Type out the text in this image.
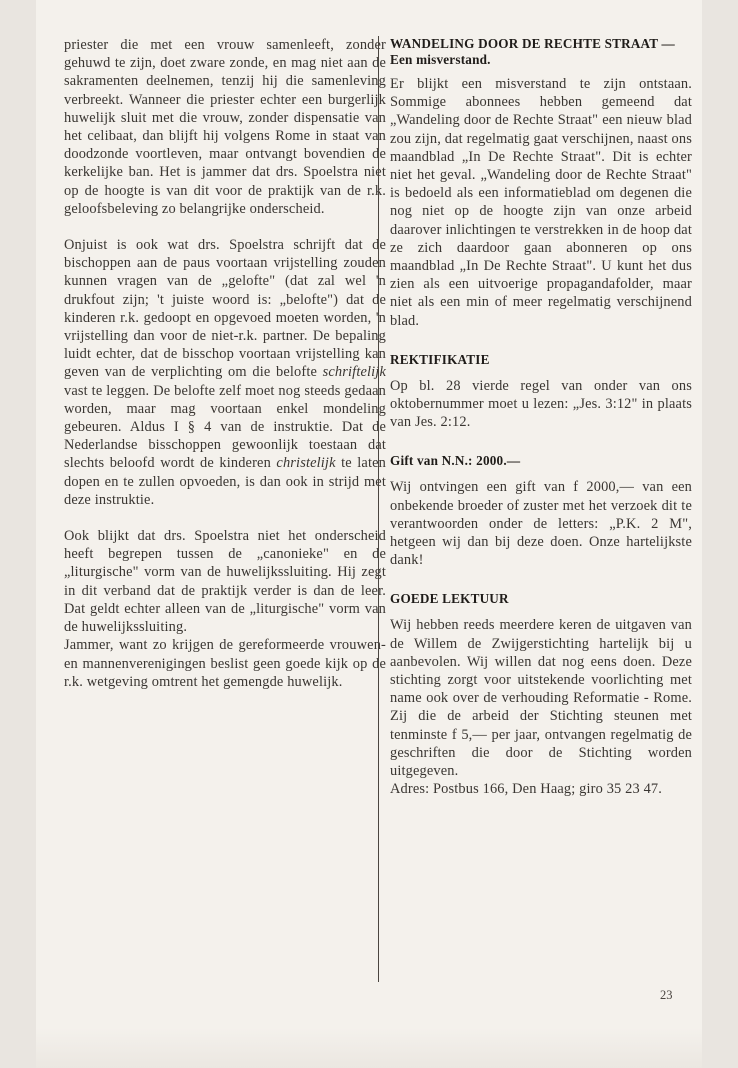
priester die met een vrouw samenleeft, zonder gehuwd te zijn, doet zware zonde, en mag niet aan de sakramenten deelnemen, tenzij hij die samenleving verbreekt. Wanneer die priester echter een burgerlijk huwelijk sluit met die vrouw, zonder dispensatie van het celibaat, dan blijft hij volgens Rome in staat van doodzonde voortleven, maar ontvangt bovendien de kerkelijke ban. Het is jammer dat drs. Spoelstra niet op de hoogte is van dit voor de praktijk van de r.k. geloofsbeleving zo belangrijke onderscheid.

Onjuist is ook wat drs. Spoelstra schrijft dat de bischoppen aan de paus voortaan vrijstelling zouden kunnen vragen van de „gelofte" (dat zal wel 'n drukfout zijn; 't juiste woord is: „belofte") dat de kinderen r.k. gedoopt en opgevoed moeten worden, 'n vrijstelling dan voor de niet-r.k. partner. De bepaling luidt echter, dat de bisschop voortaan vrijstelling kan geven van de verplichting om die belofte schriftelijk vast te leggen. De belofte zelf moet nog steeds gedaan worden, maar mag voortaan enkel mondeling gebeuren. Aldus I § 4 van de instruktie. Dat de Nederlandse bisschoppen gewoonlijk toestaan dat slechts beloofd wordt de kinderen christelijk te laten dopen en te zullen opvoeden, is dan ook in strijd met deze instruktie.

Ook blijkt dat drs. Spoelstra niet het onderscheid heeft begrepen tussen de „canonieke" en de „liturgische" vorm van de huwelijkssluiting. Hij zegt in dit verband dat de praktijk verder is dan de leer. Dat geldt echter alleen van de „liturgische" vorm van de huwelijkssluiting.

Jammer, want zo krijgen de gereformeerde vrouwen- en mannenverenigingen beslist geen goede kijk op de r.k. wetgeving omtrent het gemengde huwelijk.

WANDELING DOOR DE RECHTE STRAAT — Een misverstand.

Er blijkt een misverstand te zijn ontstaan. Sommige abonnees hebben gemeend dat „Wandeling door de Rechte Straat" een nieuw blad zou zijn, dat regelmatig gaat verschijnen, naast ons maandblad „In De Rechte Straat". Dit is echter niet het geval. „Wandeling door de Rechte Straat" is bedoeld als een informatieblad om degenen die nog niet op de hoogte zijn van onze arbeid daarover inlichtingen te verstrekken in de hoop dat ze zich daardoor gaan abonneren op ons maandblad „In De Rechte Straat". U kunt het dus zien als een uitvoerige propagandafolder, maar niet als een min of meer regelmatig verschijnend blad.

REKTIFIKATIE

Op bl. 28 vierde regel van onder van ons oktobernummer moet u lezen: „Jes. 3:12" in plaats van Jes. 2:12.

Gift van N.N.: 2000.—

Wij ontvingen een gift van f 2000,— van een onbekende broeder of zuster met het verzoek dit te verantwoorden onder de letters: „P.K. 2 M", hetgeen wij dan bij deze doen. Onze hartelijkste dank!

GOEDE LEKTUUR

Wij hebben reeds meerdere keren de uitgaven van de Willem de Zwijgerstichting hartelijk bij u aanbevolen. Wij willen dat nog eens doen. Deze stichting zorgt voor uitstekende voorlichting met name ook over de verhouding Reformatie - Rome. Zij die de arbeid der Stichting steunen met tenminste f 5,— per jaar, ontvangen regelmatig de geschriften die door de Stichting worden uitgegeven.

Adres: Postbus 166, Den Haag; giro 35 23 47.

23
